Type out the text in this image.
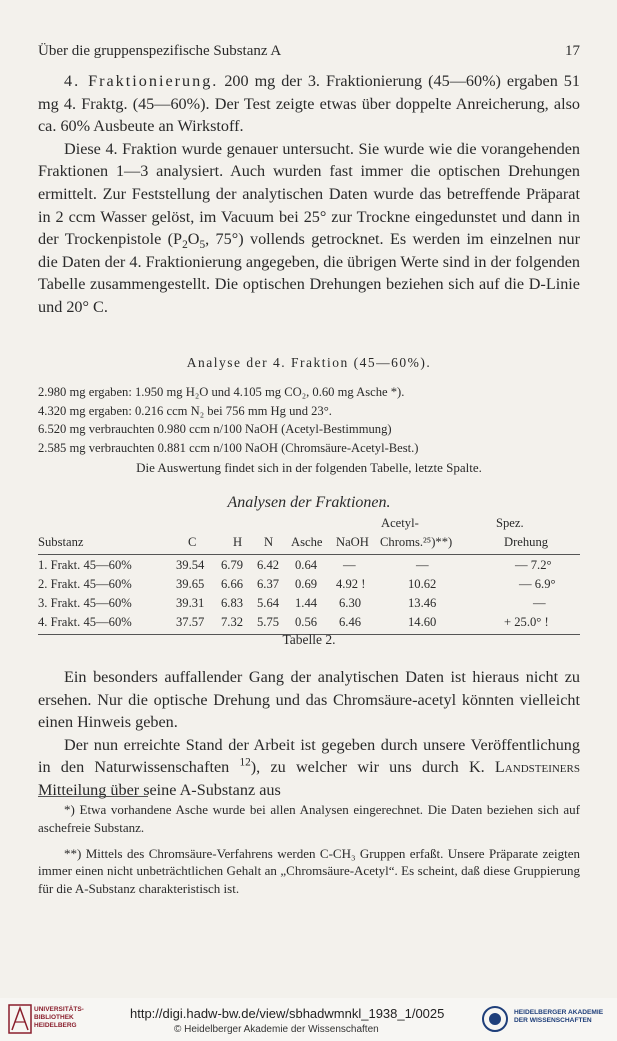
Über die gruppenspezifische Substanz A	17

4. Fraktionierung. 200 mg der 3. Fraktionierung (45—60%) ergaben 51 mg 4. Fraktg. (45—60%). Der Test zeigte etwas über doppelte Anreicherung, also ca. 60% Ausbeute an Wirkstoff.

Diese 4. Fraktion wurde genauer untersucht. Sie wurde wie die vorangehenden Fraktionen 1—3 analysiert. Auch wurden fast immer die optischen Drehungen ermittelt. Zur Feststellung der analytischen Daten wurde das betreffende Präparat in 2 ccm Wasser gelöst, im Vacuum bei 25° zur Trockne eingedunstet und dann in der Trockenpistole ($P_2O_5$, 75°) vollends getrocknet. Es werden im einzelnen nur die Daten der 4. Fraktionierung angegeben, die übrigen Werte sind in der folgenden Tabelle zusammengestellt. Die optischen Drehungen beziehen sich auf die D-Linie und 20° C.

Analyse der 4. Fraktion (45—60%).
2.980 mg ergaben: 1.950 mg H₂O und 4.105 mg CO₂, 0.60 mg Asche *).
4.320 mg ergaben: 0.216 ccm N₂ bei 756 mm Hg und 23°.
6.520 mg verbrauchten 0.980 ccm n/100 NaOH (Acetyl-Bestimmung)
2.585 mg verbrauchten 0.881 ccm n/100 NaOH (Chromsäure-Acetyl-Best.)
Die Auswertung findet sich in der folgenden Tabelle, letzte Spalte.
Analysen der Fraktionen.
Acetyl-	Spez.
Substanz	C	H N Asche NaOH Chroms.²⁵)**)	Drehung
1. Frakt. 45—60%	39.54 6.79 6.42 0.64 —	—	— 7.2°
2. Frakt. 45—60%	39.65 6.66 6.37 0.69 4.92 !	10.62	— 6.9°
3. Frakt. 45—60%	39.31 6.83 5.64 1.44 6.30	13.46	—
4. Frakt. 45—60%	37.57 7.32 5.75 0.56 6.46	14.60	+ 25.0° !
Tabelle 2.

Ein besonders auffallender Gang der analytischen Daten ist hieraus nicht zu ersehen. Nur die optische Drehung und das Chromsäure-acetyl könnten vielleicht einen Hinweis geben.

Der nun erreichte Stand der Arbeit ist gegeben durch unsere Veröffentlichung in den Naturwissenschaften $^{12}$), zu welcher wir uns durch K. Landsteiners Mitteilung über seine A-Substanz aus

*) Etwa vorhandene Asche wurde bei allen Analysen eingerechnet. Die Daten beziehen sich auf aschefreie Substanz.

**) Mittels des Chromsäure-Verfahrens werden C-CH₃ Gruppen erfaßt. Unsere Präparate zeigten immer einen nicht unbeträchtlichen Gehalt an „Chromsäure-Acetyl“. Es scheint, daß diese Gruppierung für die A-Substanz charakteristisch ist.

UNIVERSITÄTS-
BIBLIOTHEK
HEIDELBERG
http://digi.hadw-bw.de/view/sbhadwmnkl_1938_1/0025
© Heidelberger Akademie der Wissenschaften
HEIDELBERGER AKADEMIE
DER WISSENSCHAFTEN
